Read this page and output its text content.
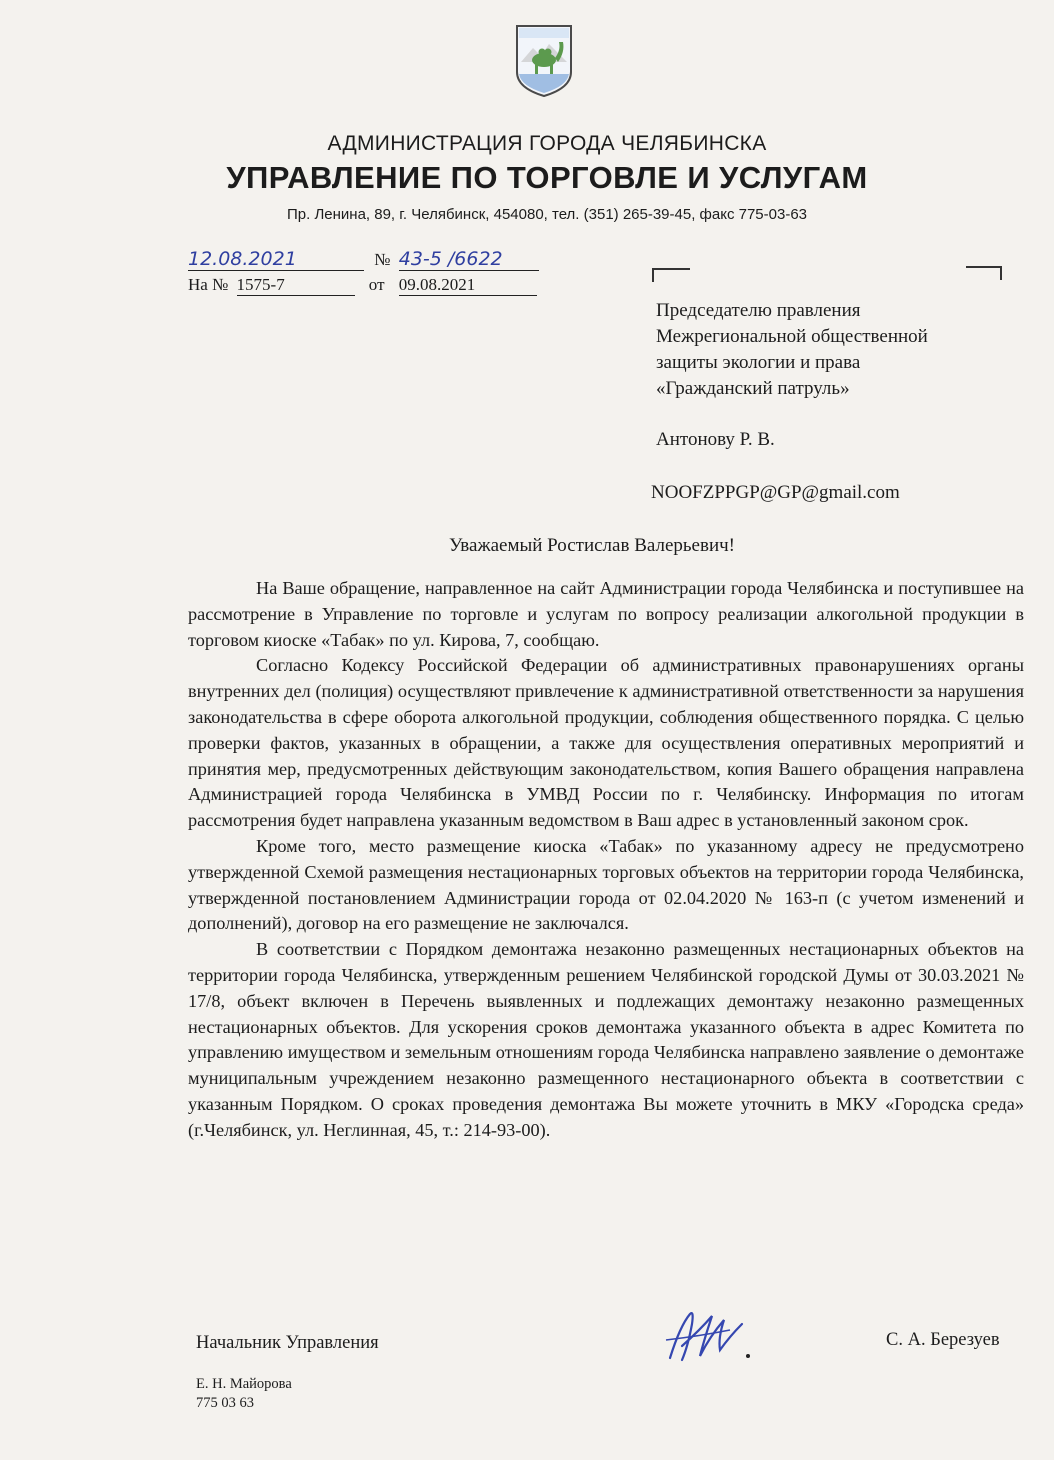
АДМИНИСТРАЦИЯ ГОРОДА ЧЕЛЯБИНСКА
УПРАВЛЕНИЕ ПО ТОРГОВЛЕ И УСЛУГАМ
Пр. Ленина, 89, г. Челябинск, 454080, тел. (351) 265-39-45, факс 775-03-63
12.08.2021	№ 43-5 /6622
На № 1575-7	от 09.08.2021
Председателю правления
Межрегиональной общественной
защиты экологии и права
«Гражданский патруль»
Антонову Р. В.
NOOFZPPGP@GP@gmail.com
Уважаемый Ростислав Валерьевич!

На Ваше обращение, направленное на сайт Администрации города Челябинска и поступившее на рассмотрение в Управление по торговле и услугам по вопросу реализации алкогольной продукции в торговом киоске «Табак» по ул. Кирова, 7, сообщаю.

Согласно Кодексу Российской Федерации об административных правонарушениях органы внутренних дел (полиция) осуществляют привлечение к административной ответственности за нарушения законодательства в сфере оборота алкогольной продукции, соблюдения общественного порядка. С целью проверки фактов, указанных в обращении, а также для осуществления оперативных мероприятий и принятия мер, предусмотренных действующим законодательством, копия Вашего обращения направлена Администрацией города Челябинска в УМВД России по г. Челябинску. Информация по итогам рассмотрения будет направлена указанным ведомством в Ваш адрес в установленный законом срок.

Кроме того, место размещение киоска «Табак» по указанному адресу не предусмотрено утвержденной Схемой размещения нестационарных торговых объектов на территории города Челябинска, утвержденной постановлением Администрации города от 02.04.2020 № 163-п (с учетом изменений и дополнений), договор на его размещение не заключался.

В соответствии с Порядком демонтажа незаконно размещенных нестационарных объектов на территории города Челябинска, утвержденным решением Челябинской городской Думы от 30.03.2021 № 17/8, объект включен в Перечень выявленных и подлежащих демонтажу незаконно размещенных нестационарных объектов. Для ускорения сроков демонтажа указанного объекта в адрес Комитета по управлению имуществом и земельным отношениям города Челябинска направлено заявление о демонтаже муниципальным учреждением незаконно размещенного нестационарного объекта в соответствии с указанным Порядком. О сроках проведения демонтажа Вы можете уточнить в МКУ «Городска среда» (г.Челябинск, ул. Неглинная, 45, т.: 214-93-00).

Начальник Управления	С. А. Березуев
Е. Н. Майорова
775 03 63
